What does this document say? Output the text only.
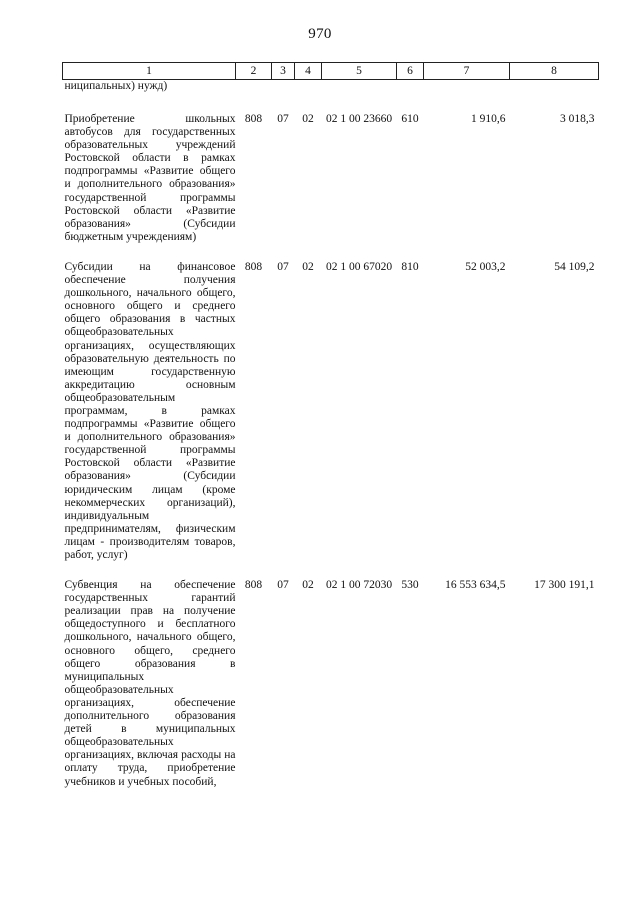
970
1	2	3	4	5	6	7	8
ниципальных) нужд)							
Приобретение школьных автобусов для государственных образовательных учреждений Ростовской области в рамках подпрограммы «Развитие общего и дополнительного образования» государственной программы Ростовской области «Развитие образования» (Субсидии бюджетным учреждениям)	808	07	02	02 1 00 23660	610	1 910,6	3 018,3
Субсидии на финансовое обеспечение получения дошкольного, начального общего, основного общего и среднего общего образования в частных общеобразовательных организациях, осуществляющих образовательную деятельность по имеющим государственную аккредитацию основным общеобразовательным программам, в рамках подпрограммы «Развитие общего и дополнительного образования» государственной программы Ростовской области «Развитие образования» (Субсидии юридическим лицам (кроме некоммерческих организаций), индивидуальным предпринимателям, физическим лицам - производителям товаров, работ, услуг)	808	07	02	02 1 00 67020	810	52 003,2	54 109,2
Субвенция на обеспечение государственных гарантий реализации прав на получение общедоступного и бесплатного дошкольного, начального общего, основного общего, среднего общего образования в муниципальных общеобразовательных организациях, обеспечение дополнительного образования детей в муниципальных общеобразовательных организациях, включая расходы на оплату труда, приобретение учебников и учебных пособий,	808	07	02	02 1 00 72030	530	16 553 634,5	17 300 191,1
